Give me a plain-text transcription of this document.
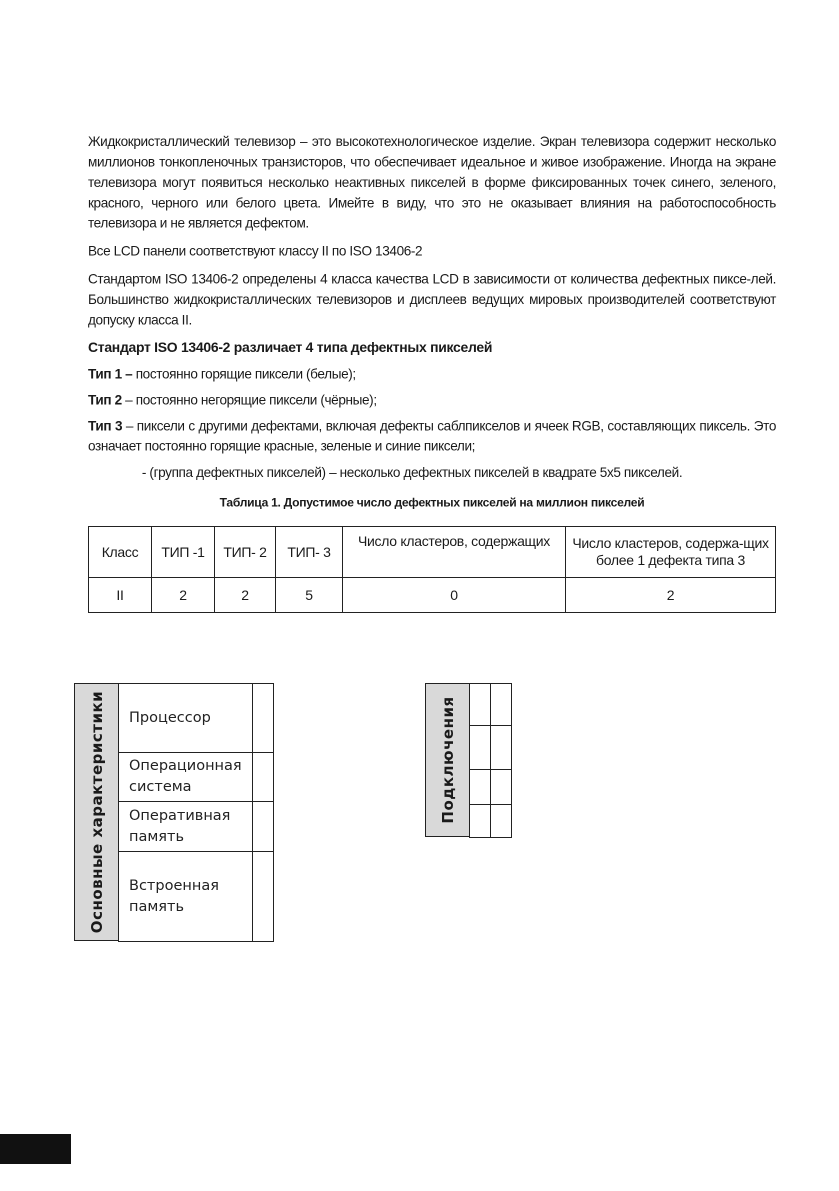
Жидкокристаллический телевизор – это высокотехнологическое изделие. Экран телевизора содержит несколько миллионов тонкопленочных транзисторов, что обеспечивает идеальное и живое изображение. Иногда на экране телевизора могут появиться несколько неактивных пикселей в форме фиксированных точек синего, зеленого, красного, черного или белого цвета. Имейте в виду, что это не оказывает влияния на работоспособность телевизора и не является дефектом.

Все LCD панели соответствуют классу II по ISO 13406-2

Стандартом ISO 13406-2 определены 4 класса качества LCD в зависимости от количества дефектных пиксе-лей. Большинство жидкокристаллических телевизоров и дисплеев ведущих мировых производителей соответствуют допуску класса II.

Стандарт ISO 13406-2 различает 4 типа дефектных пикселей

Тип 1 – постоянно горящие пиксели (белые);

Тип 2 – постоянно негорящие пиксели (чёрные);

Тип 3 – пиксели с другими дефектами, включая дефекты саблпикселов и ячеек RGB, составляющих пиксель. Это означает постоянно горящие красные, зеленые и синие пиксели;

- (группа дефектных пикселей) – несколько дефектных пикселей в квадрате 5х5 пикселей.

Таблица 1. Допустимое число дефектных пикселей на миллион пикселей

Класс	ТИП -1	ТИП- 2	ТИП- 3	Число кластеров, содержащих	Число кластеров, содержа-щих более 1 дефекта типа 3
II	2	2	5	0	2
Основные характеристики Процессор	
Операционная система	
Оперативная память	
Встроенная память	
Подключения
